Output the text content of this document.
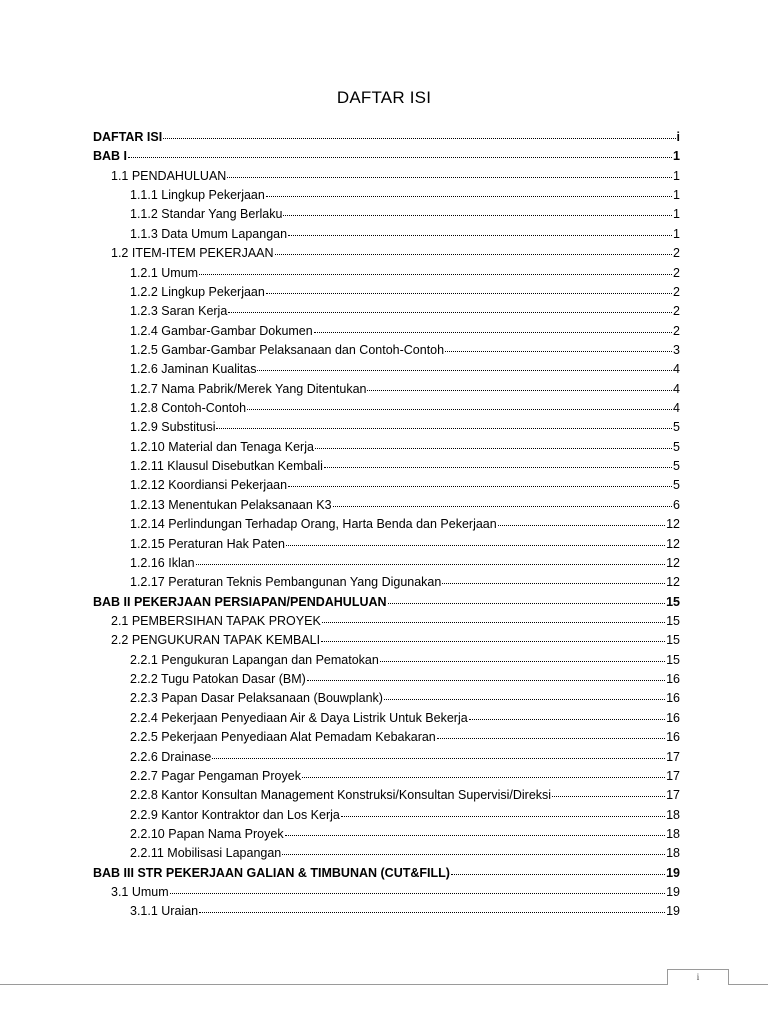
DAFTAR ISI
DAFTAR ISI	i
BAB I	1
1.1 PENDAHULUAN	1
1.1.1 Lingkup Pekerjaan	1
1.1.2 Standar Yang Berlaku	1
1.1.3 Data Umum Lapangan	1
1.2 ITEM-ITEM PEKERJAAN	2
1.2.1 Umum	2
1.2.2 Lingkup Pekerjaan	2
1.2.3 Saran Kerja	2
1.2.4 Gambar-Gambar Dokumen	2
1.2.5 Gambar-Gambar Pelaksanaan dan Contoh-Contoh	3
1.2.6 Jaminan Kualitas	4
1.2.7 Nama Pabrik/Merek Yang Ditentukan	4
1.2.8 Contoh-Contoh	4
1.2.9 Substitusi	5
1.2.10 Material dan Tenaga Kerja	5
1.2.11 Klausul Disebutkan Kembali	5
1.2.12 Koordiansi Pekerjaan	5
1.2.13 Menentukan Pelaksanaan K3	6
1.2.14 Perlindungan Terhadap Orang, Harta Benda dan Pekerjaan	12
1.2.15 Peraturan Hak Paten	12
1.2.16 Iklan	12
1.2.17 Peraturan Teknis Pembangunan Yang Digunakan	12
BAB II PEKERJAAN PERSIAPAN/PENDAHULUAN	15
2.1 PEMBERSIHAN TAPAK PROYEK	15
2.2 PENGUKURAN TAPAK KEMBALI	15
2.2.1 Pengukuran Lapangan dan Pematokan	15
2.2.2 Tugu Patokan Dasar (BM)	16
2.2.3 Papan Dasar Pelaksanaan (Bouwplank)	16
2.2.4 Pekerjaan Penyediaan Air & Daya Listrik Untuk Bekerja	16
2.2.5 Pekerjaan Penyediaan Alat Pemadam Kebakaran	16
2.2.6 Drainase	17
2.2.7 Pagar Pengaman Proyek	17
2.2.8 Kantor Konsultan Management Konstruksi/Konsultan Supervisi/Direksi	17
2.2.9 Kantor Kontraktor dan Los Kerja	18
2.2.10 Papan Nama Proyek	18
2.2.11 Mobilisasi Lapangan	18
BAB III STR PEKERJAAN GALIAN & TIMBUNAN (CUT&FILL)	19
3.1 Umum	19
3.1.1 Uraian	19
i
